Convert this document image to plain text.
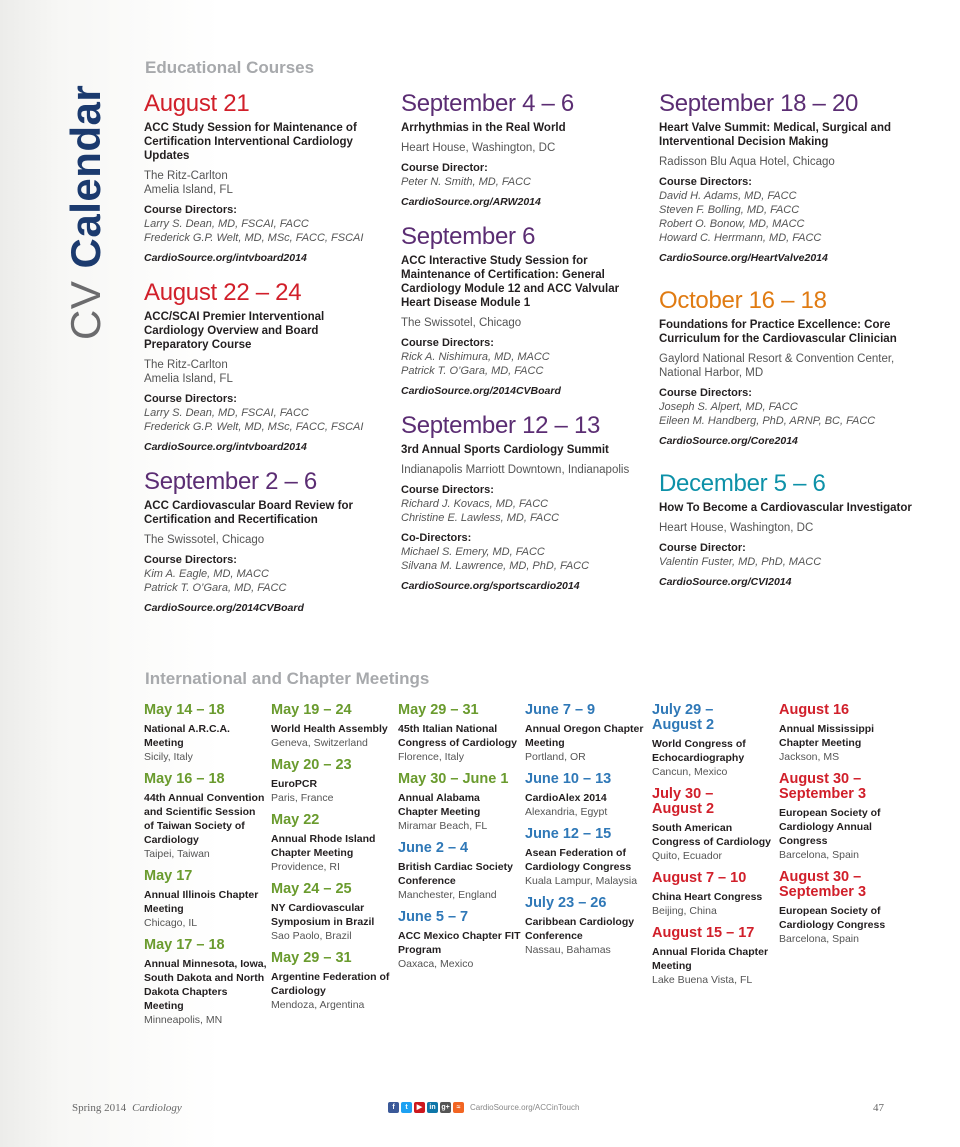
CV Calendar
Educational Courses
August 21
ACC Study Session for Maintenance of Certification Interventional Cardiology Updates
The Ritz-Carlton
Amelia Island, FL
Course Directors:
Larry S. Dean, MD, FSCAI, FACC
Frederick G.P. Welt, MD, MSc, FACC, FSCAI
CardioSource.org/intvboard2014
August 22 – 24
ACC/SCAI Premier Interventional Cardiology Overview and Board Preparatory Course
The Ritz-Carlton
Amelia Island, FL
Course Directors:
Larry S. Dean, MD, FSCAI, FACC
Frederick G.P. Welt, MD, MSc, FACC, FSCAI
CardioSource.org/intvboard2014
September 2 – 6
ACC Cardiovascular Board Review for Certification and Recertification
The Swissotel, Chicago
Course Directors:
Kim A. Eagle, MD, MACC
Patrick T. O’Gara, MD, FACC
CardioSource.org/2014CVBoard
September 4 – 6
Arrhythmias in the Real World
Heart House, Washington, DC
Course Director:
Peter N. Smith, MD, FACC
CardioSource.org/ARW2014
September 6
ACC Interactive Study Session for Maintenance of Certification: General Cardiology Module 12 and ACC Valvular Heart Disease Module 1
The Swissotel, Chicago
Course Directors:
Rick A. Nishimura, MD, MACC
Patrick T. O’Gara, MD, FACC
CardioSource.org/2014CVBoard
September 12 – 13
3rd Annual Sports Cardiology Summit
Indianapolis Marriott Downtown, Indianapolis
Course Directors:
Richard J. Kovacs, MD, FACC
Christine E. Lawless, MD, FACC
Co-Directors:
Michael S. Emery, MD, FACC
Silvana M. Lawrence, MD, PhD, FACC
CardioSource.org/sportscardio2014
September 18 – 20
Heart Valve Summit: Medical, Surgical and Interventional Decision Making
Radisson Blu Aqua Hotel, Chicago
Course Directors:
David H. Adams, MD, FACC
Steven F. Bolling, MD, FACC
Robert O. Bonow, MD, MACC
Howard C. Herrmann, MD, FACC
CardioSource.org/HeartValve2014
October 16 – 18
Foundations for Practice Excellence: Core Curriculum for the Cardiovascular Clinician
Gaylord National Resort & Convention Center, National Harbor, MD
Course Directors:
Joseph S. Alpert, MD, FACC
Eileen M. Handberg, PhD, ARNP, BC, FACC
CardioSource.org/Core2014
December 5 – 6
How To Become a Cardiovascular Investigator
Heart House, Washington, DC
Course Director:
Valentin Fuster, MD, PhD, MACC
CardioSource.org/CVI2014
International and Chapter Meetings
May 14 – 18
National A.R.C.A. Meeting
Sicily, Italy
May 16 – 18
44th Annual Convention and Scientific Session of Taiwan Society of Cardiology
Taipei, Taiwan
May 17
Annual Illinois Chapter Meeting
Chicago, IL
May 17 – 18
Annual Minnesota, Iowa, South Dakota and North Dakota Chapters Meeting
Minneapolis, MN
May 19 – 24
World Health Assembly
Geneva, Switzerland
May 20 – 23
EuroPCR
Paris, France
May 22
Annual Rhode Island Chapter Meeting
Providence, RI
May 24 – 25
NY Cardiovascular Symposium in Brazil
Sao Paolo, Brazil
May 29 – 31
Argentine Federation of Cardiology
Mendoza, Argentina
May 29 – 31
45th Italian National Congress of Cardiology
Florence, Italy
May 30 – June 1
Annual Alabama Chapter Meeting
Miramar Beach, FL
June 2 – 4
British Cardiac Society Conference
Manchester, England
June 5 – 7
ACC Mexico Chapter FIT Program
Oaxaca, Mexico
June 7 – 9
Annual Oregon Chapter Meeting
Portland, OR
June 10 – 13
CardioAlex 2014
Alexandria, Egypt
June 12 – 15
Asean Federation of Cardiology Congress
Kuala Lampur, Malaysia
July 23 – 26
Caribbean Cardiology Conference
Nassau, Bahamas
July 29 – August 2
World Congress of Echocardiography
Cancun, Mexico
July 30 – August 2
South American Congress of Cardiology
Quito, Ecuador
August 7 – 10
China Heart Congress
Beijing, China
August 15 – 17
Annual Florida Chapter Meeting
Lake Buena Vista, FL
August 16
Annual Mississippi Chapter Meeting
Jackson, MS
August 30 – September 3
European Society of Cardiology Annual Congress
Barcelona, Spain
August 30 – September 3
European Society of Cardiology Congress
Barcelona, Spain
Spring 2014 Cardiology	f	t	▶	in g+ ≈	CardioSource.org/ACCinTouch	47
